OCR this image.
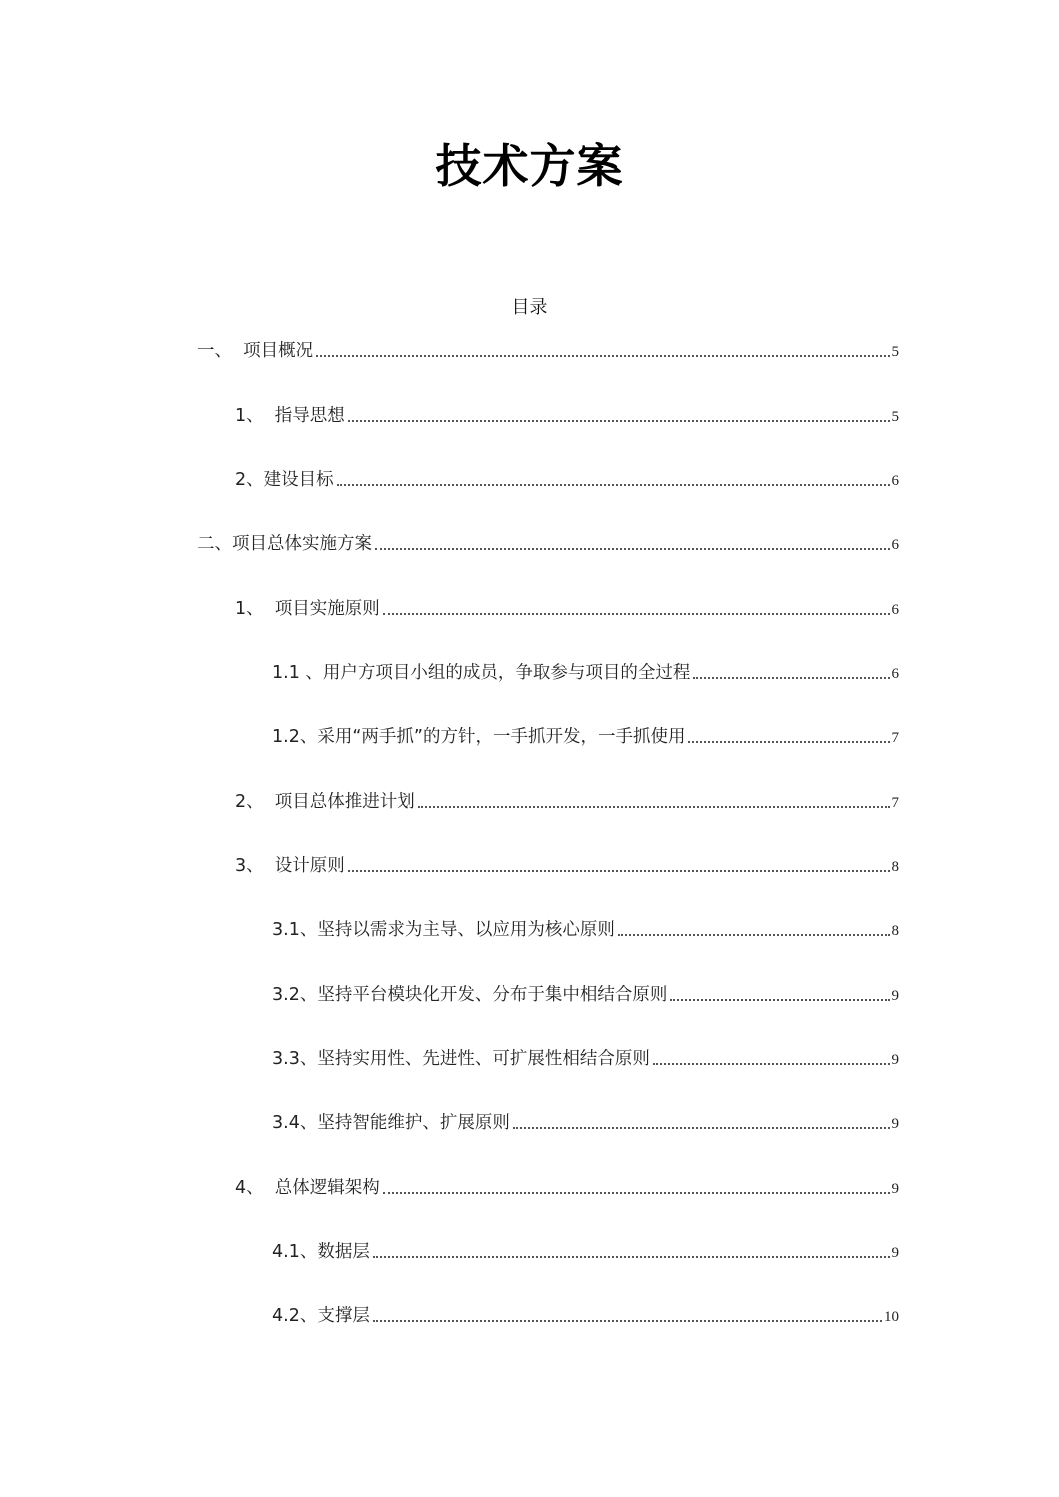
技术方案
目录
一、 项目概况	5
1、 指导思想	5
2、 建设目标	6
二、 项目总体实施方案	6
1、 项目实施原则	6
1.1 、 用户方项目小组的成员，争取参与项目的全过程	6
1.2、 采用“两手抓”的方针，一手抓开发，一手抓使用	7
2、 项目总体推进计划	7
3、 设计原则	8
3.1、 坚持以需求为主导、以应用为核心原则	8
3.2、 坚持平台模块化开发、分布于集中相结合原则	9
3.3、 坚持实用性、先进性、可扩展性相结合原则	9
3.4、 坚持智能维护、扩展原则	9
4、 总体逻辑架构	9
4.1、 数据层	9
4.2、 支撑层	10
